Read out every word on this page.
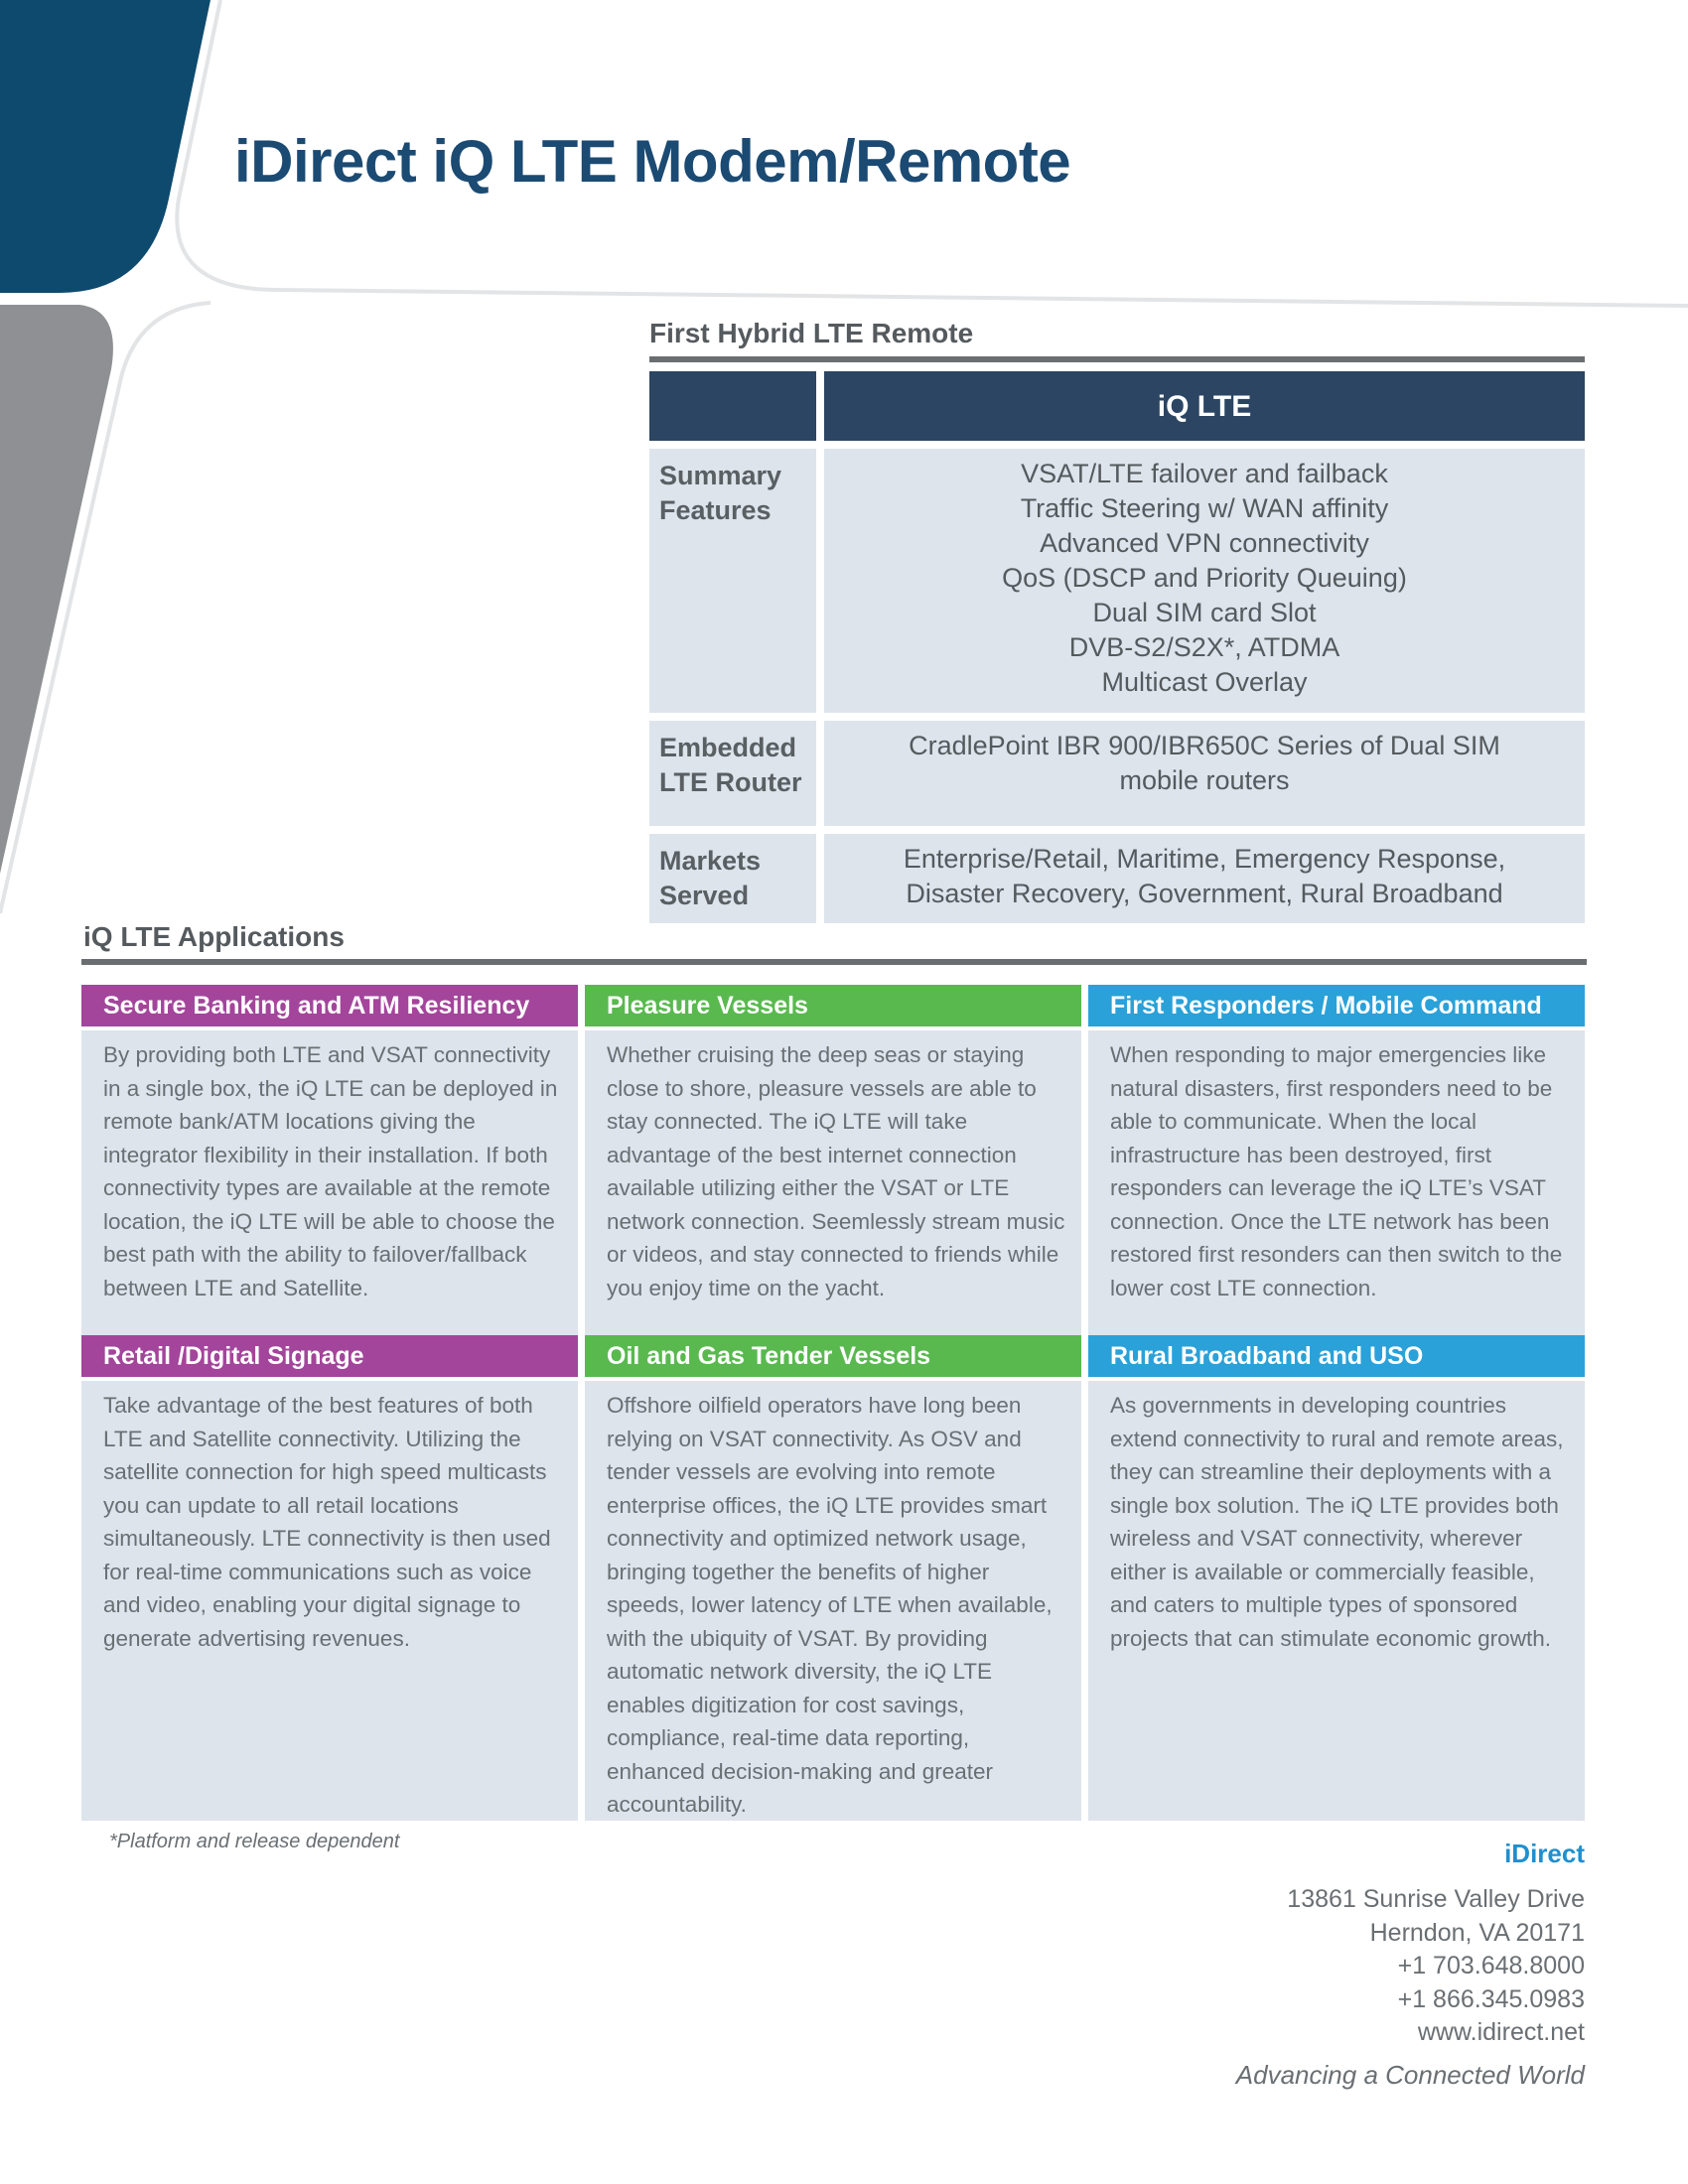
iDirect iQ LTE Modem/Remote
First Hybrid LTE Remote
iQ LTE
Summary Features
VSAT/LTE failover and failback
Traffic Steering w/ WAN affinity
Advanced VPN connectivity
QoS (DSCP and Priority Queuing)
Dual SIM card Slot
DVB-S2/S2X*, ATDMA
Multicast Overlay
Embedded LTE Router
CradlePoint IBR 900/IBR650C Series of Dual SIM mobile routers
Markets Served
Enterprise/Retail, Maritime, Emergency Response, Disaster Recovery, Government, Rural Broadband
iQ LTE Applications
Secure Banking and ATM Resiliency
By providing both LTE and VSAT connectivity in a single box, the iQ LTE can be deployed in remote bank/ATM locations giving the integrator flexibility in their installation. If both connectivity types are available at the remote location, the iQ LTE will be able to choose the best path with the ability to failover/fallback between LTE and Satellite.
Pleasure Vessels
Whether cruising the deep seas or staying close to shore, pleasure vessels are able to stay connected. The iQ LTE will take advantage of the best internet connection available utilizing either the VSAT or LTE network connection. Seemlessly stream music or videos, and stay connected to friends while you enjoy time on the yacht.
First Responders / Mobile Command
When responding to major emergencies like natural disasters, first responders need to be able to communicate. When the local infrastructure has been destroyed, first responders can leverage the iQ LTE’s VSAT connection. Once the LTE network has been restored first resonders can then switch to the lower cost LTE connection.
Retail /Digital Signage
Take advantage of the best features of both LTE and Satellite connectivity. Utilizing the satellite connection for high speed multicasts you can update to all retail locations simultaneously. LTE connectivity is then used for real-time communications such as voice and video, enabling your digital signage to generate advertising revenues.
Oil and Gas Tender Vessels
Offshore oilfield operators have long been relying on VSAT connectivity. As OSV and tender vessels are evolving into remote enterprise offices, the iQ LTE provides smart connectivity and optimized network usage, bringing together the benefits of higher speeds, lower latency of LTE when available, with the ubiquity of VSAT. By providing automatic network diversity, the iQ LTE enables digitization for cost savings, compliance, real-time data reporting, enhanced decision-making and greater accountability.
Rural Broadband and USO
As governments in developing countries extend connectivity to rural and remote areas, they can streamline their deployments with a single box solution. The iQ LTE provides both wireless and VSAT connectivity, wherever either is available or commercially feasible, and caters to multiple types of sponsored projects that can stimulate economic growth.
*Platform and release dependent	iDirect
13861 Sunrise Valley Drive
Herndon, VA 20171
+1 703.648.8000
+1 866.345.0983
www.idirect.net
Advancing a Connected World
